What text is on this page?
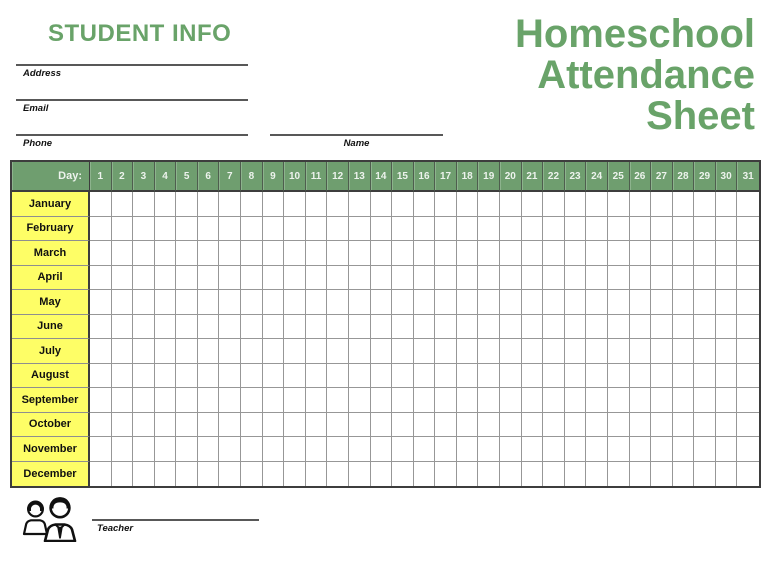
STUDENT INFO
Address
Email
Phone	Name
Homeschool
Attendance
Sheet
Day:	1	2	3	4	5	6	7	8	9	10	11	12	13	14	15	16	17	18	19	20	21	22	23	24	25	26	27	28	29	30	31
January
February
March
April
May
June
July
August
September
October
November
December
Teacher
